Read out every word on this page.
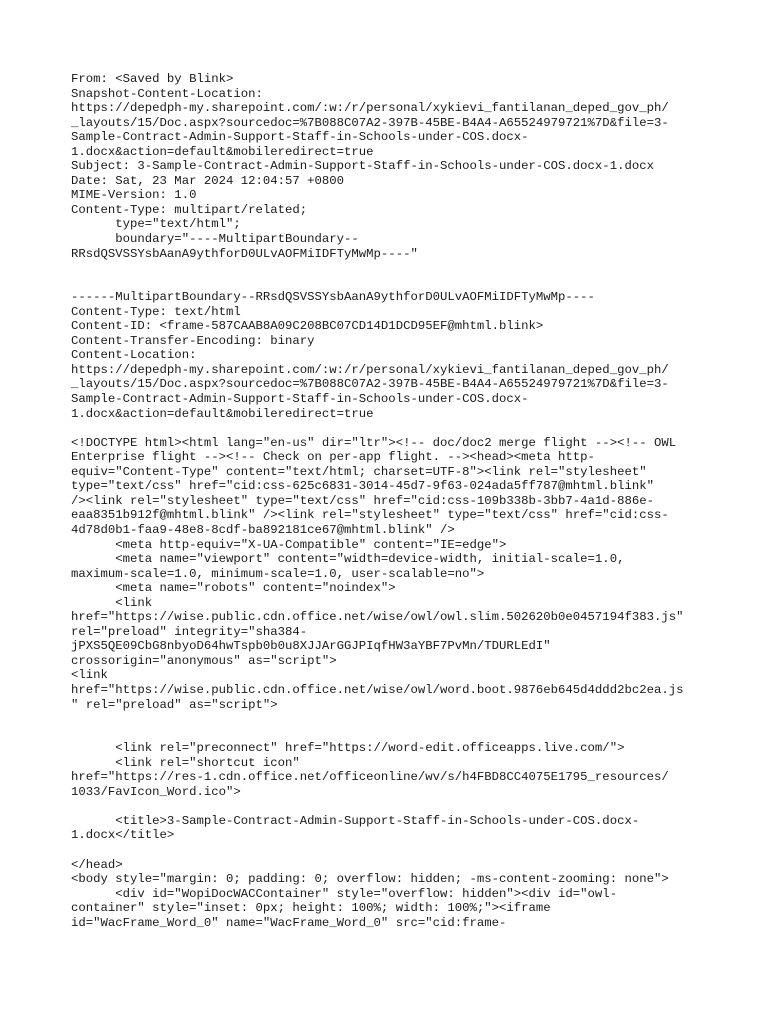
From: <Saved by Blink>
Snapshot-Content-Location:
https://depedph-my.sharepoint.com/:w:/r/personal/xykievi_fantilanan_deped_gov_ph/
_layouts/15/Doc.aspx?sourcedoc=%7B088C07A2-397B-45BE-B4A4-A65524979721%7D&file=3-
Sample-Contract-Admin-Support-Staff-in-Schools-under-COS.docx-
1.docx&action=default&mobileredirect=true
Subject: 3-Sample-Contract-Admin-Support-Staff-in-Schools-under-COS.docx-1.docx
Date: Sat, 23 Mar 2024 12:04:57 +0800
MIME-Version: 1.0
Content-Type: multipart/related;
type="text/html";
boundary="----MultipartBoundary--
RRsdQSVSSYsbAanA9ythforD0ULvAOFMiIDFTyMwMp----"
------MultipartBoundary--RRsdQSVSSYsbAanA9ythforD0ULvAOFMiIDFTyMwMp----
Content-Type: text/html
Content-ID: <frame-587CAAB8A09C208BC07CD14D1DCD95EF@mhtml.blink>
Content-Transfer-Encoding: binary
Content-Location:
https://depedph-my.sharepoint.com/:w:/r/personal/xykievi_fantilanan_deped_gov_ph/
_layouts/15/Doc.aspx?sourcedoc=%7B088C07A2-397B-45BE-B4A4-A65524979721%7D&file=3-
Sample-Contract-Admin-Support-Staff-in-Schools-under-COS.docx-
1.docx&action=default&mobileredirect=true
<!DOCTYPE html><html lang="en-us" dir="ltr"><!-- doc/doc2 merge flight --><!-- OWL
Enterprise flight --><!-- Check on per-app flight. --><head><meta http-
equiv="Content-Type" content="text/html; charset=UTF-8"><link rel="stylesheet"
type="text/css" href="cid:css-625c6831-3014-45d7-9f63-024ada5ff787@mhtml.blink"
/><link rel="stylesheet" type="text/css" href="cid:css-109b338b-3bb7-4a1d-886e-
eaa8351b912f@mhtml.blink" /><link rel="stylesheet" type="text/css" href="cid:css-
4d78d0b1-faa9-48e8-8cdf-ba892181ce67@mhtml.blink" />
<meta http-equiv="X-UA-Compatible" content="IE=edge">
<meta name="viewport" content="width=device-width, initial-scale=1.0,
maximum-scale=1.0, minimum-scale=1.0, user-scalable=no">
<meta name="robots" content="noindex">
<link
href="https://wise.public.cdn.office.net/wise/owl/owl.slim.502620b0e0457194f383.js"
rel="preload" integrity="sha384-
jPXS5QE09CbG8nbyoD64hwTspb0b0u8XJJArGGJPIqfHW3aYBF7PvMn/TDURLEdI"
crossorigin="anonymous" as="script">
<link
href="https://wise.public.cdn.office.net/wise/owl/word.boot.9876eb645d4ddd2bc2ea.js
" rel="preload" as="script">
<link rel="preconnect" href="https://word-edit.officeapps.live.com/">
<link rel="shortcut icon"
href="https://res-1.cdn.office.net/officeonline/wv/s/h4FBD8CC4075E1795_resources/
1033/FavIcon_Word.ico">
<title>3-Sample-Contract-Admin-Support-Staff-in-Schools-under-COS.docx-
1.docx</title>
</head>
<body style="margin: 0; padding: 0; overflow: hidden; -ms-content-zooming: none">
<div id="WopiDocWACContainer" style="overflow: hidden"><div id="owl-
container" style="inset: 0px; height: 100%; width: 100%;"><iframe
id="WacFrame_Word_0" name="WacFrame_Word_0" src="cid:frame-
